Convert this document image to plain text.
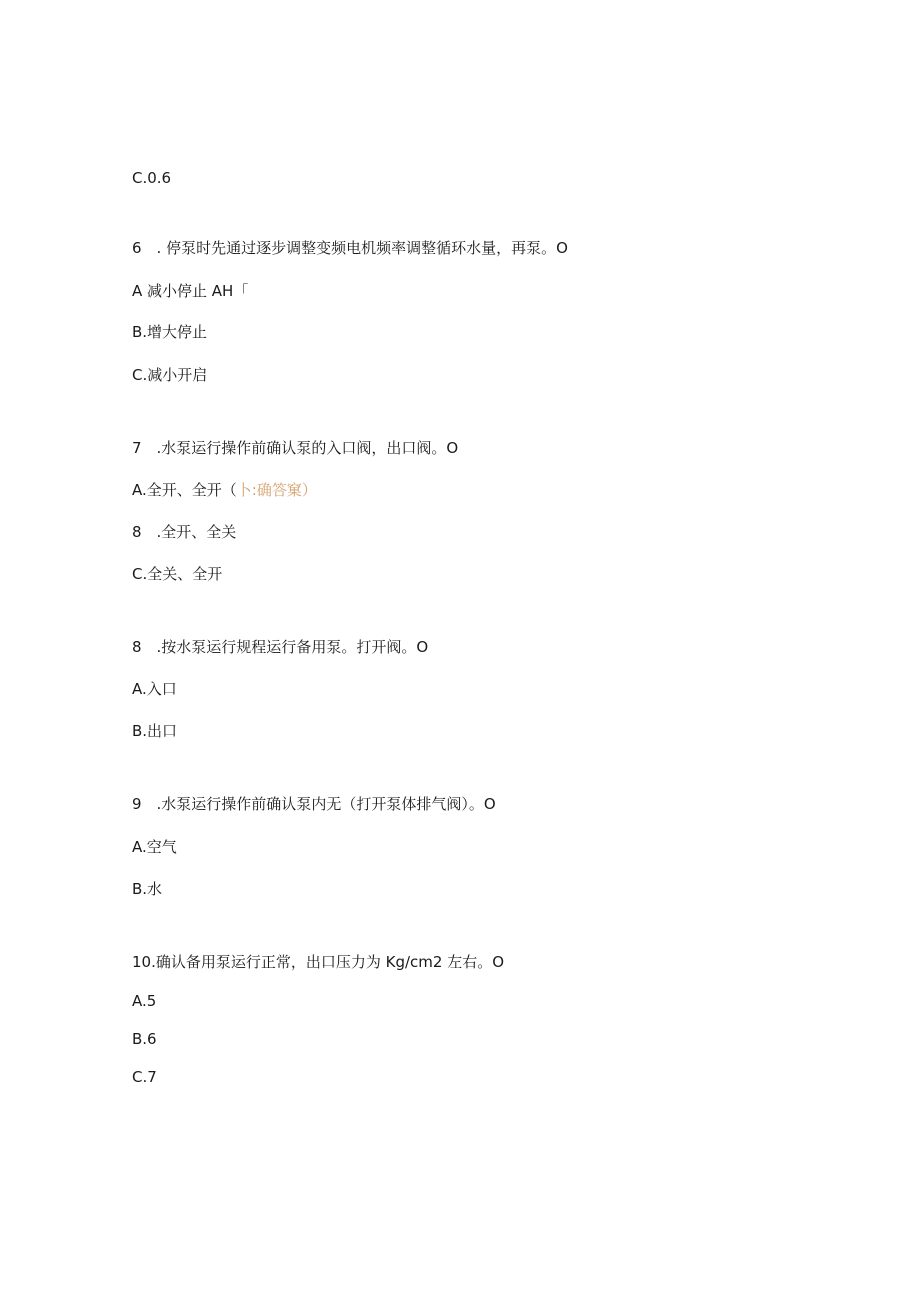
C.0.6
6　. 停泵时先通过逐步调整变频电机频率调整循环水量，再泵。O
A 减小停止 AH「
B.增大停止
C.减小开启
7　.水泵运行操作前确认泵的入口阀，出口阀。O
A.全开、全开（卜:确答窠）
8　.全开、全关
C.全关、全开
8　.按水泵运行规程运行备用泵。打开阀。O
A.入口
B.出口
9　.水泵运行操作前确认泵内无（打开泵体排气阀）。O
A.空气
B.水
10.确认备用泵运行正常，出口压力为 Kg∕cm2 左右。O
A.5
B.6
C.7
